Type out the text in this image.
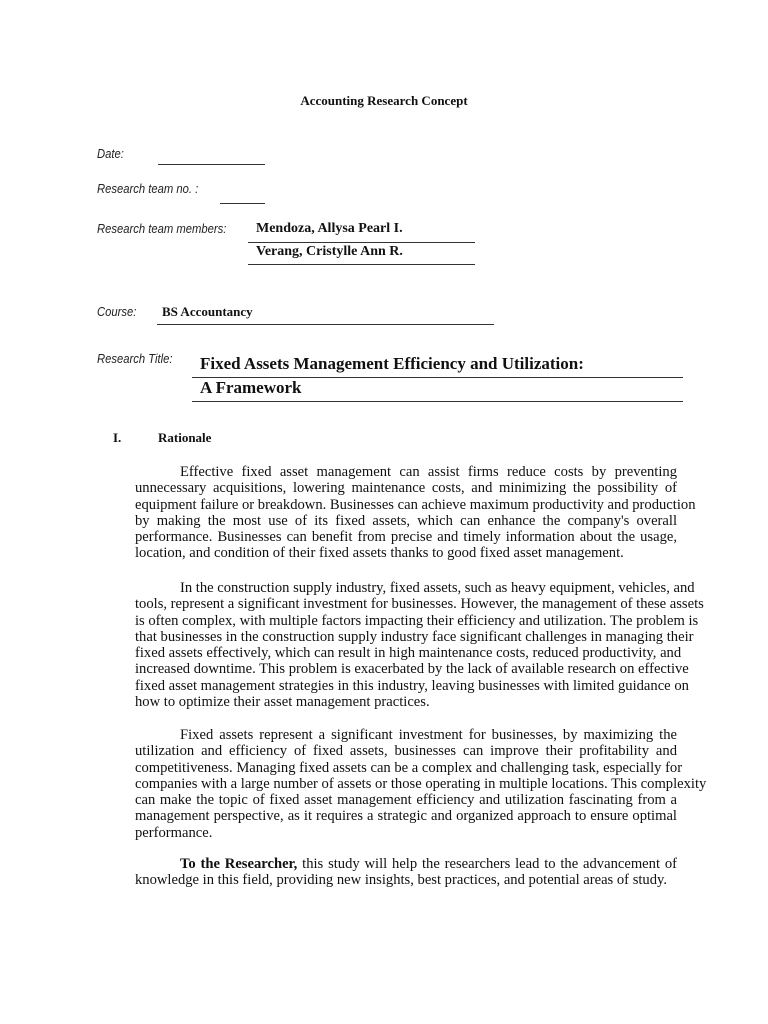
Accounting Research Concept
Date:
Research team no. :
Research team members: Mendoza, Allysa Pearl I.
Verang, Cristylle Ann R.
Course: BS Accountancy
Research Title: Fixed Assets Management Efficiency and Utilization:
A Framework
I.	Rationale
Effective fixed asset management can assist firms reduce costs by preventing
unnecessary acquisitions, lowering maintenance costs, and minimizing the possibility of
equipment failure or breakdown. Businesses can achieve maximum productivity and production
by making the most use of its fixed assets, which can enhance the company's overall
performance. Businesses can benefit from precise and timely information about the usage,
location, and condition of their fixed assets thanks to good fixed asset management.
In the construction supply industry, fixed assets, such as heavy equipment, vehicles, and
tools, represent a significant investment for businesses. However, the management of these assets
is often complex, with multiple factors impacting their efficiency and utilization. The problem is
that businesses in the construction supply industry face significant challenges in managing their
fixed assets effectively, which can result in high maintenance costs, reduced productivity, and
increased downtime. This problem is exacerbated by the lack of available research on effective
fixed asset management strategies in this industry, leaving businesses with limited guidance on
how to optimize their asset management practices.
Fixed assets represent a significant investment for businesses, by maximizing the
utilization and efficiency of fixed assets, businesses can improve their profitability and
competitiveness. Managing fixed assets can be a complex and challenging task, especially for
companies with a large number of assets or those operating in multiple locations. This complexity
can make the topic of fixed asset management efficiency and utilization fascinating from a
management perspective, as it requires a strategic and organized approach to ensure optimal
performance.
To the Researcher, this study will help the researchers lead to the advancement of
knowledge in this field, providing new insights, best practices, and potential areas of study.
